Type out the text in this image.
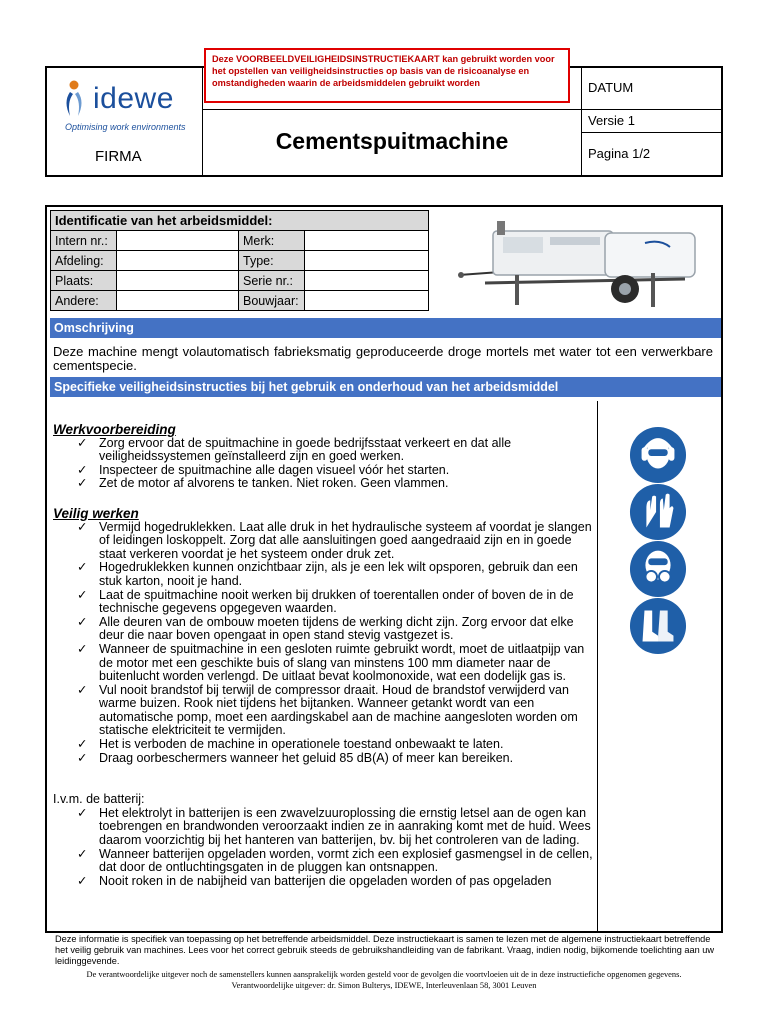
idewe
Optimising work environments
FIRMA
Cementspuitmachine
DATUM
Versie 1
Pagina 1/2
Deze VOORBEELDVEILIGHEIDSINSTRUCTIEKAART kan gebruikt worden voor het opstellen van veiligheidsinstructies op basis van de risicoanalyse en omstandigheden waarin de arbeidsmiddelen gebruikt worden
Identificatie van het arbeidsmiddel:			
Intern nr.:		Merk:	
Afdeling:		Type:	
Plaats:		Serie nr.:	
Andere:		Bouwjaar:	
Omschrijving
Deze machine mengt volautomatisch fabrieksmatig geproduceerde droge mortels met water tot een verwerkbare cementspecie.
Specifieke veiligheidsinstructies bij het gebruik en onderhoud van het arbeidsmiddel

Werkvoorbereiding

✓ Zorg ervoor dat de spuitmachine in goede bedrijfsstaat verkeert en dat alle veiligheidssystemen geïnstalleerd zijn en goed werken.
✓ Inspecteer de spuitmachine alle dagen visueel vóór het starten.
✓ Zet de motor af alvorens te tanken. Niet roken. Geen vlammen.

Veilig werken

✓ Vermijd hogedruklekken. Laat alle druk in het hydraulische systeem af voordat je slangen of leidingen loskoppelt. Zorg dat alle aansluitingen goed aangedraaid zijn en in goede staat verkeren voordat je het systeem onder druk zet.
✓ Hogedruklekken kunnen onzichtbaar zijn, als je een lek wilt opsporen, gebruik dan een stuk karton, nooit je hand.
✓ Laat de spuitmachine nooit werken bij drukken of toerentallen onder of boven de in de technische gegevens opgegeven waarden.
✓ Alle deuren van de ombouw moeten tijdens de werking dicht zijn. Zorg ervoor dat elke deur die naar boven opengaat in open stand stevig vastgezet is.
✓ Wanneer de spuitmachine in een gesloten ruimte gebruikt wordt, moet de uitlaatpijp van de motor met een geschikte buis of slang van minstens 100 mm diameter naar de buitenlucht worden verlengd. De uitlaat bevat koolmonoxide, wat een dodelijk gas is.
✓ Vul nooit brandstof bij terwijl de compressor draait. Houd de brandstof verwijderd van warme buizen. Rook niet tijdens het bijtanken. Wanneer getankt wordt van een automatische pomp, moet een aardingskabel aan de machine aangesloten worden om statische elektriciteit te vermijden.
✓ Het is verboden de machine in operationele toestand onbewaakt te laten.
✓ Draag oorbeschermers wanneer het geluid 85 dB(A) of meer kan bereiken.
I.v.m. de batterij:
✓ Het elektrolyt in batterijen is een zwavelzuuroplossing die ernstig letsel aan de ogen kan toebrengen en brandwonden veroorzaakt indien ze in aanraking komt met de huid. Wees daarom voorzichtig bij het hanteren van batterijen, bv. bij het controleren van de lading.
✓ Wanneer batterijen opgeladen worden, vormt zich een explosief gasmengsel in de cellen, dat door de ontluchtingsgaten in de pluggen kan ontsnappen.
✓ Nooit roken in de nabijheid van batterijen die opgeladen worden of pas opgeladen
Deze informatie is specifiek van toepassing op het betreffende arbeidsmiddel. Deze instructiekaart is samen te lezen met de algemene instructiekaart betreffende het veilig gebruik van machines. Lees voor het correct gebruik steeds de gebruikshandleiding van de fabrikant. Vraag, indien nodig, bijkomende toelichting aan uw leidinggevende.
De verantwoordelijke uitgever noch de samenstellers kunnen aansprakelijk worden gesteld voor de gevolgen die voortvloeien uit de in deze instructiefiche opgenomen gegevens.
Verantwoordelijke uitgever: dr. Simon Bulterys, IDEWE, Interleuvenlaan 58, 3001 Leuven
